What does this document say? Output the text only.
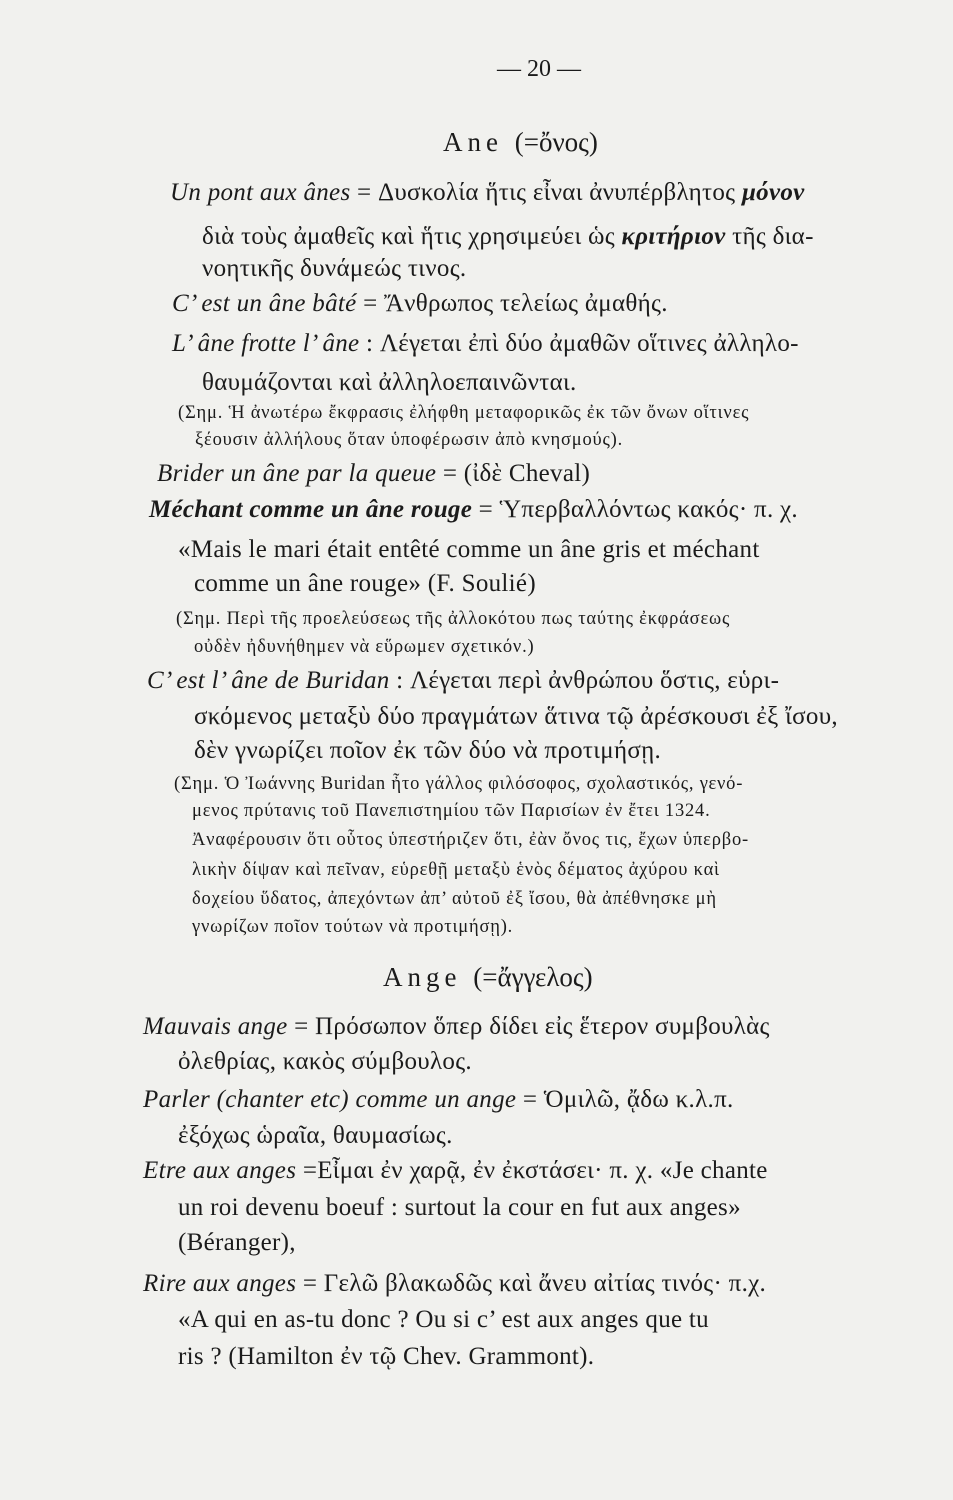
— 20 —
Ane (=ὄνος)
Un pont aux ânes = Δυσκολία ἥτις εἶναι ἀνυπέρβλητος μόνον
διὰ τοὺς ἀμαθεῖς καὶ ἥτις χρησιμεύει ὡς κριτήριον τῆς δια-
νοητικῆς δυνάμεώς τινος.
C’ est un âne bâté = Ἄνθρωπος τελείως ἀμαθής.
L’ âne frotte l’ âne : Λέγεται ἐπὶ δύο ἀμαθῶν οἵτινες ἀλληλο-
θαυμάζονται καὶ ἀλληλοεπαινῶνται.
(Σημ. Ἡ ἀνωτέρω ἔκφρασις ἐλήφθη μεταφορικῶς ἐκ τῶν ὄνων οἵτινες
ξέουσιν ἀλλήλους ὅταν ὑποφέρωσιν ἀπὸ κνησμούς).
Brider un âne par la queue = (ἰδὲ Cheval)
Méchant comme un âne rouge = Ὑπερβαλλόντως κακός· π. χ.
«Mais le mari était entêté comme un âne gris et méchant
comme un âne rouge» (F. Soulié)
(Σημ. Περὶ τῆς προελεύσεως τῆς ἀλλοκότου πως ταύτης ἐκφράσεως
οὐδὲν ἠδυνήθημεν νὰ εὕρωμεν σχετικόν.)
C’ est l’ âne de Buridan : Λέγεται περὶ ἀνθρώπου ὅστις, εὑρι-
σκόμενος μεταξὺ δύο πραγμάτων ἅτινα τῷ ἀρέσκουσι ἐξ ἴσου,
δὲν γνωρίζει ποῖον ἐκ τῶν δύο νὰ προτιμήσῃ.
(Σημ. Ὁ Ἰωάννης Buridan ἦτο γάλλος φιλόσοφος, σχολαστικός, γενό-
μενος πρύτανις τοῦ Πανεπιστημίου τῶν Παρισίων ἐν ἔτει 1324.
Ἀναφέρουσιν ὅτι οὗτος ὑπεστήριζεν ὅτι, ἐὰν ὄνος τις, ἔχων ὑπερβο-
λικὴν δίψαν καὶ πεῖναν, εὑρεθῇ μεταξὺ ἑνὸς δέματος ἀχύρου καὶ
δοχείου ὕδατος, ἀπεχόντων ἀπ’ αὐτοῦ ἐξ ἴσου, θὰ ἀπέθνησκε μὴ
γνωρίζων ποῖον τούτων νὰ προτιμήσῃ).
Ange (=ἄγγελος)
Mauvais ange = Πρόσωπον ὅπερ δίδει εἰς ἕτερον συμβουλὰς
ὀλεθρίας, κακὸς σύμβουλος.
Parler (chanter etc) comme un ange = Ὁμιλῶ, ᾄδω κ.λ.π.
ἐξόχως ὡραῖα, θαυμασίως.
Etre aux anges =Εἶμαι ἐν χαρᾷ, ἐν ἐκστάσει· π. χ. «Je chante
un roi devenu boeuf : surtout la cour en fut aux anges»
(Béranger),
Rire aux anges = Γελῶ βλακωδῶς καὶ ἄνευ αἰτίας τινός· π.χ.
«A qui en as-tu donc ? Ou si c’ est aux anges que tu
ris ? (Hamilton ἐν τῷ Chev. Grammont).
